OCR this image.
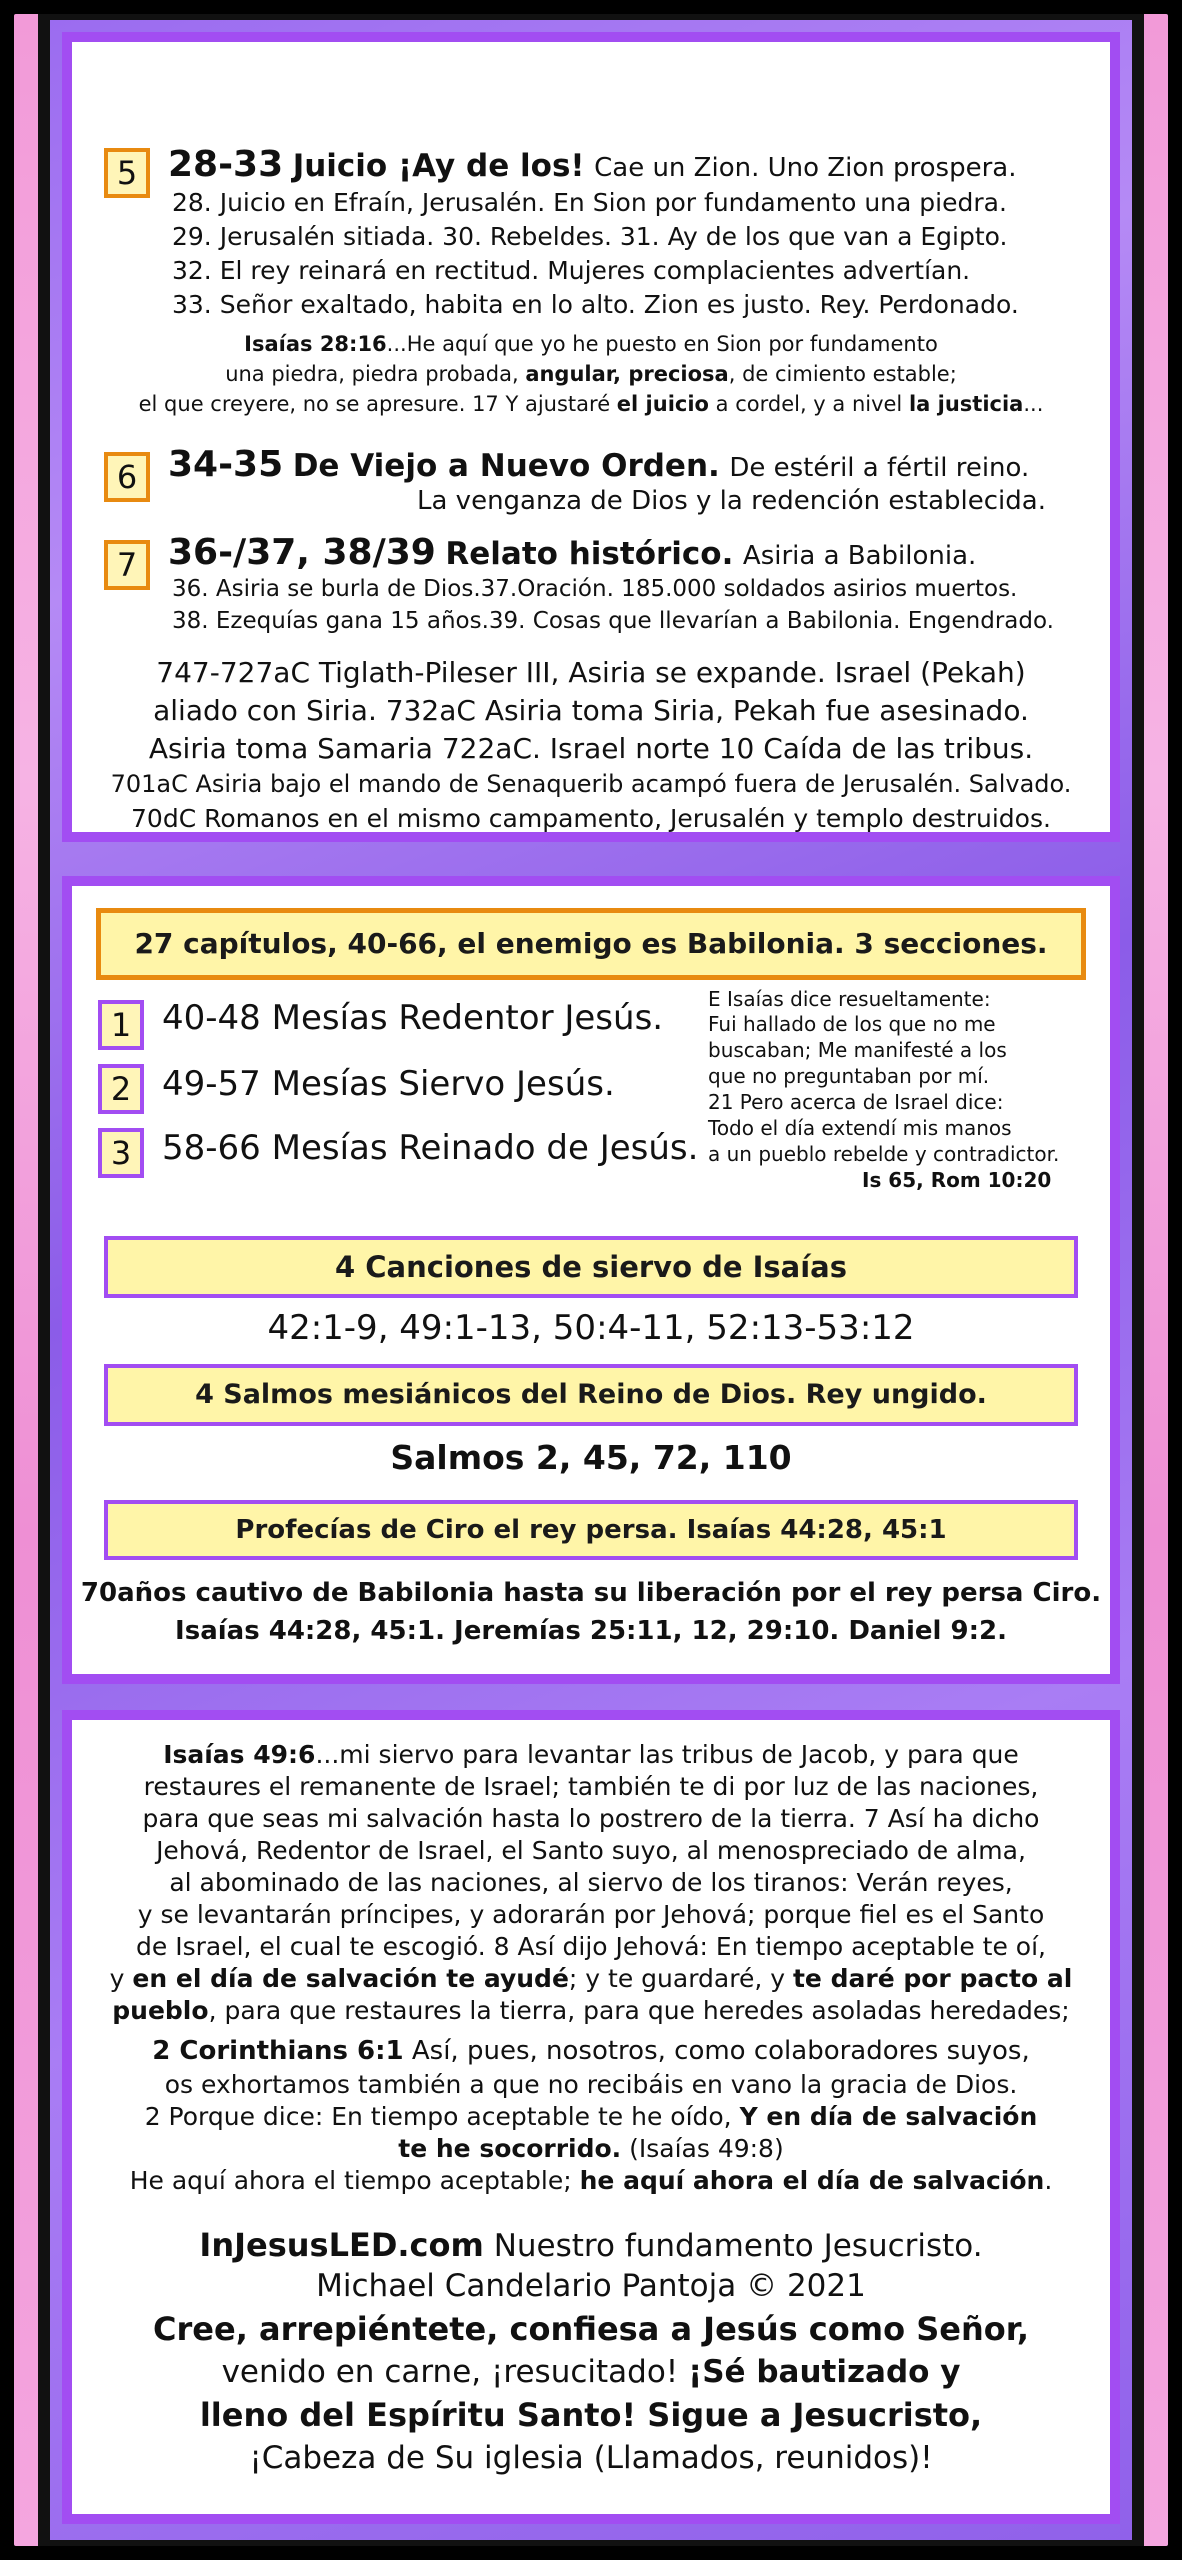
5 28-33 Juicio ¡Ay de los! Cae un Zion. Uno Zion prospera.
28. Juicio en Efraín, Jerusalén. En Sion por fundamento una piedra.
29. Jerusalén sitiada. 30. Rebeldes. 31. Ay de los que van a Egipto.
32. El rey reinará en rectitud. Mujeres complacientes advertían.
33. Señor exaltado, habita en lo alto. Zion es justo. Rey. Perdonado.
Isaías 28:16...He aquí que yo he puesto en Sion por fundamento
una piedra, piedra probada, angular, preciosa, de cimiento estable;
el que creyere, no se apresure. 17 Y ajustaré el juicio a cordel, y a nivel la justicia...
6 34-35 De Viejo a Nuevo Orden. De estéril a fértil reino.
La venganza de Dios y la redención establecida.
7 36-/37, 38/39 Relato histórico. Asiria a Babilonia.
36. Asiria se burla de Dios.37.Oración. 185.000 soldados asirios muertos.
38. Ezequías gana 15 años.39. Cosas que llevarían a Babilonia. Engendrado.
747-727aC Tiglath-Pileser III, Asiria se expande. Israel (Pekah)
aliado con Siria. 732aC Asiria toma Siria, Pekah fue asesinado.
Asiria toma Samaria 722aC. Israel norte 10 Caída de las tribus.
701aC Asiria bajo el mando de Senaquerib acampó fuera de Jerusalén. Salvado.
70dC Romanos en el mismo campamento, Jerusalén y templo destruidos.
27 capítulos, 40-66, el enemigo es Babilonia. 3 secciones.
1 40-48 Mesías Redentor Jesús.
2 49-57 Mesías Siervo Jesús.
3 58-66 Mesías Reinado de Jesús.
E Isaías dice resueltamente:
Fui hallado de los que no me
buscaban; Me manifesté a los
que no preguntaban por mí.
21 Pero acerca de Israel dice:
Todo el día extendí mis manos
a un pueblo rebelde y contradictor.
Is 65, Rom 10:20
4 Canciones de siervo de Isaías
42:1-9, 49:1-13, 50:4-11, 52:13-53:12
4 Salmos mesiánicos del Reino de Dios. Rey ungido.
Salmos 2, 45, 72, 110
Profecías de Ciro el rey persa. Isaías 44:28, 45:1
70años cautivo de Babilonia hasta su liberación por el rey persa Ciro.
Isaías 44:28, 45:1. Jeremías 25:11, 12, 29:10. Daniel 9:2.
Isaías 49:6...mi siervo para levantar las tribus de Jacob, y para que
restaures el remanente de Israel; también te di por luz de las naciones,
para que seas mi salvación hasta lo postrero de la tierra. 7 Así ha dicho
Jehová, Redentor de Israel, el Santo suyo, al menospreciado de alma,
al abominado de las naciones, al siervo de los tiranos: Verán reyes,
y se levantarán príncipes, y adorarán por Jehová; porque fiel es el Santo
de Israel, el cual te escogió. 8 Así dijo Jehová: En tiempo aceptable te oí,
y en el día de salvación te ayudé; y te guardaré, y te daré por pacto al
pueblo, para que restaures la tierra, para que heredes asoladas heredades;
2 Corinthians 6:1 Así, pues, nosotros, como colaboradores suyos,
os exhortamos también a que no recibáis en vano la gracia de Dios.
2 Porque dice: En tiempo aceptable te he oído, Y en día de salvación
te he socorrido. (Isaías 49:8)
He aquí ahora el tiempo aceptable; he aquí ahora el día de salvación.
InJesusLED.com Nuestro fundamento Jesucristo.
Michael Candelario Pantoja © 2021
Cree, arrepiéntete, confiesa a Jesús como Señor,
venido en carne, ¡resucitado! ¡Sé bautizado y
lleno del Espíritu Santo! Sigue a Jesucristo,
¡Cabeza de Su iglesia (Llamados, reunidos)!
